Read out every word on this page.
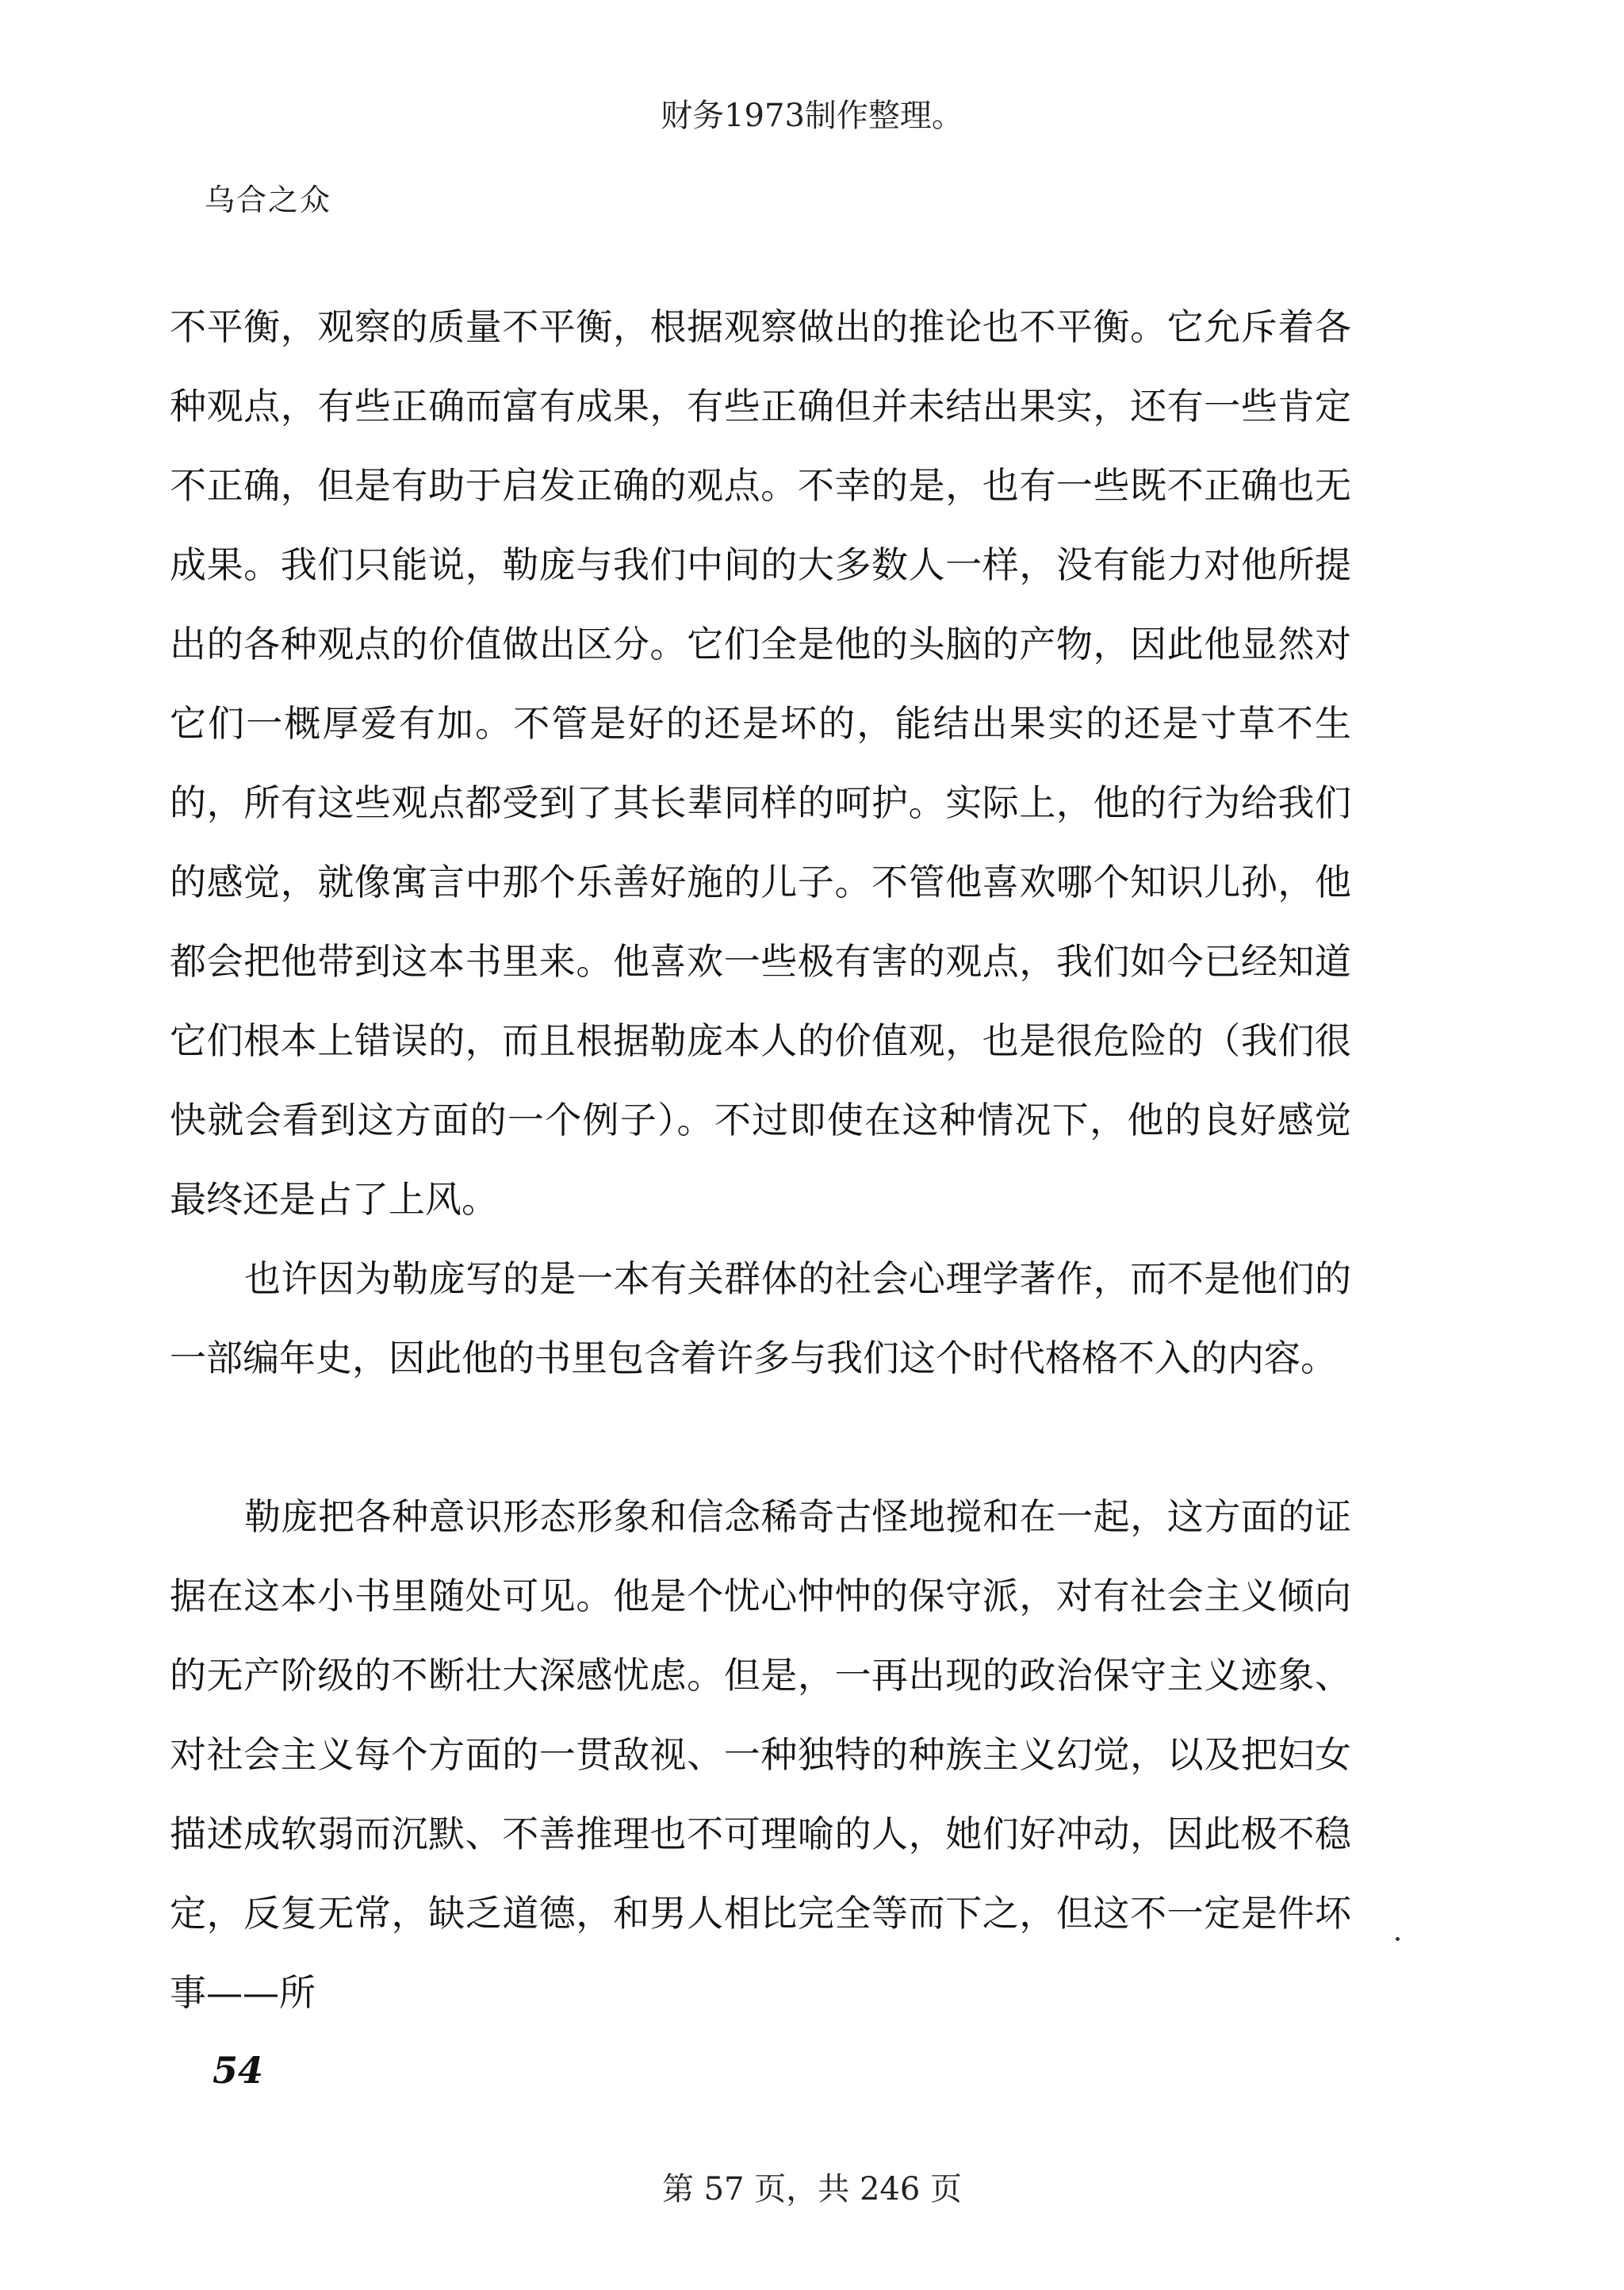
财务1973制作整理。
乌合之众

不平衡，观察的质量不平衡，根据观察做出的推论也不平衡。它允斥着各种观点，有些正确而富有成果，有些正确但并未结出果实，还有一些肯定不正确，但是有助于启发正确的观点。不幸的是，也有一些既不正确也无成果。我们只能说，勒庞与我们中间的大多数人一样，没有能力对他所提出的各种观点的价值做出区分。它们全是他的头脑的产物，因此他显然对它们一概厚爱有加。不管是好的还是坏的，能结出果实的还是寸草不生的，所有这些观点都受到了其长辈同样的呵护。实际上，他的行为给我们的感觉，就像寓言中那个乐善好施的儿子。不管他喜欢哪个知识儿孙，他都会把他带到这本书里来。他喜欢一些极有害的观点，我们如今已经知道它们根本上错误的，而且根据勒庞本人的价值观，也是很危险的（我们很快就会看到这方面的一个例子）。不过即使在这种情况下，他的良好感觉最终还是占了上风。

也许因为勒庞写的是一本有关群体的社会心理学著作，而不是他们的一部编年史，因此他的书里包含着许多与我们这个时代格格不入的内容。

勒庞把各种意识形态形象和信念稀奇古怪地搅和在一起，这方面的证据在这本小书里随处可见。他是个忧心忡忡的保守派，对有社会主义倾向的无产阶级的不断壮大深感忧虑。但是，一再出现的政治保守主义迹象、对社会主义每个方面的一贯敌视、一种独特的种族主义幻觉，以及把妇女描述成软弱而沉默、不善推理也不可理喻的人，她们好冲动，因此极不稳定，反复无常，缺乏道德，和男人相比完全等而下之，但这不一定是件坏事——所

54
第 57 页，共 246 页
